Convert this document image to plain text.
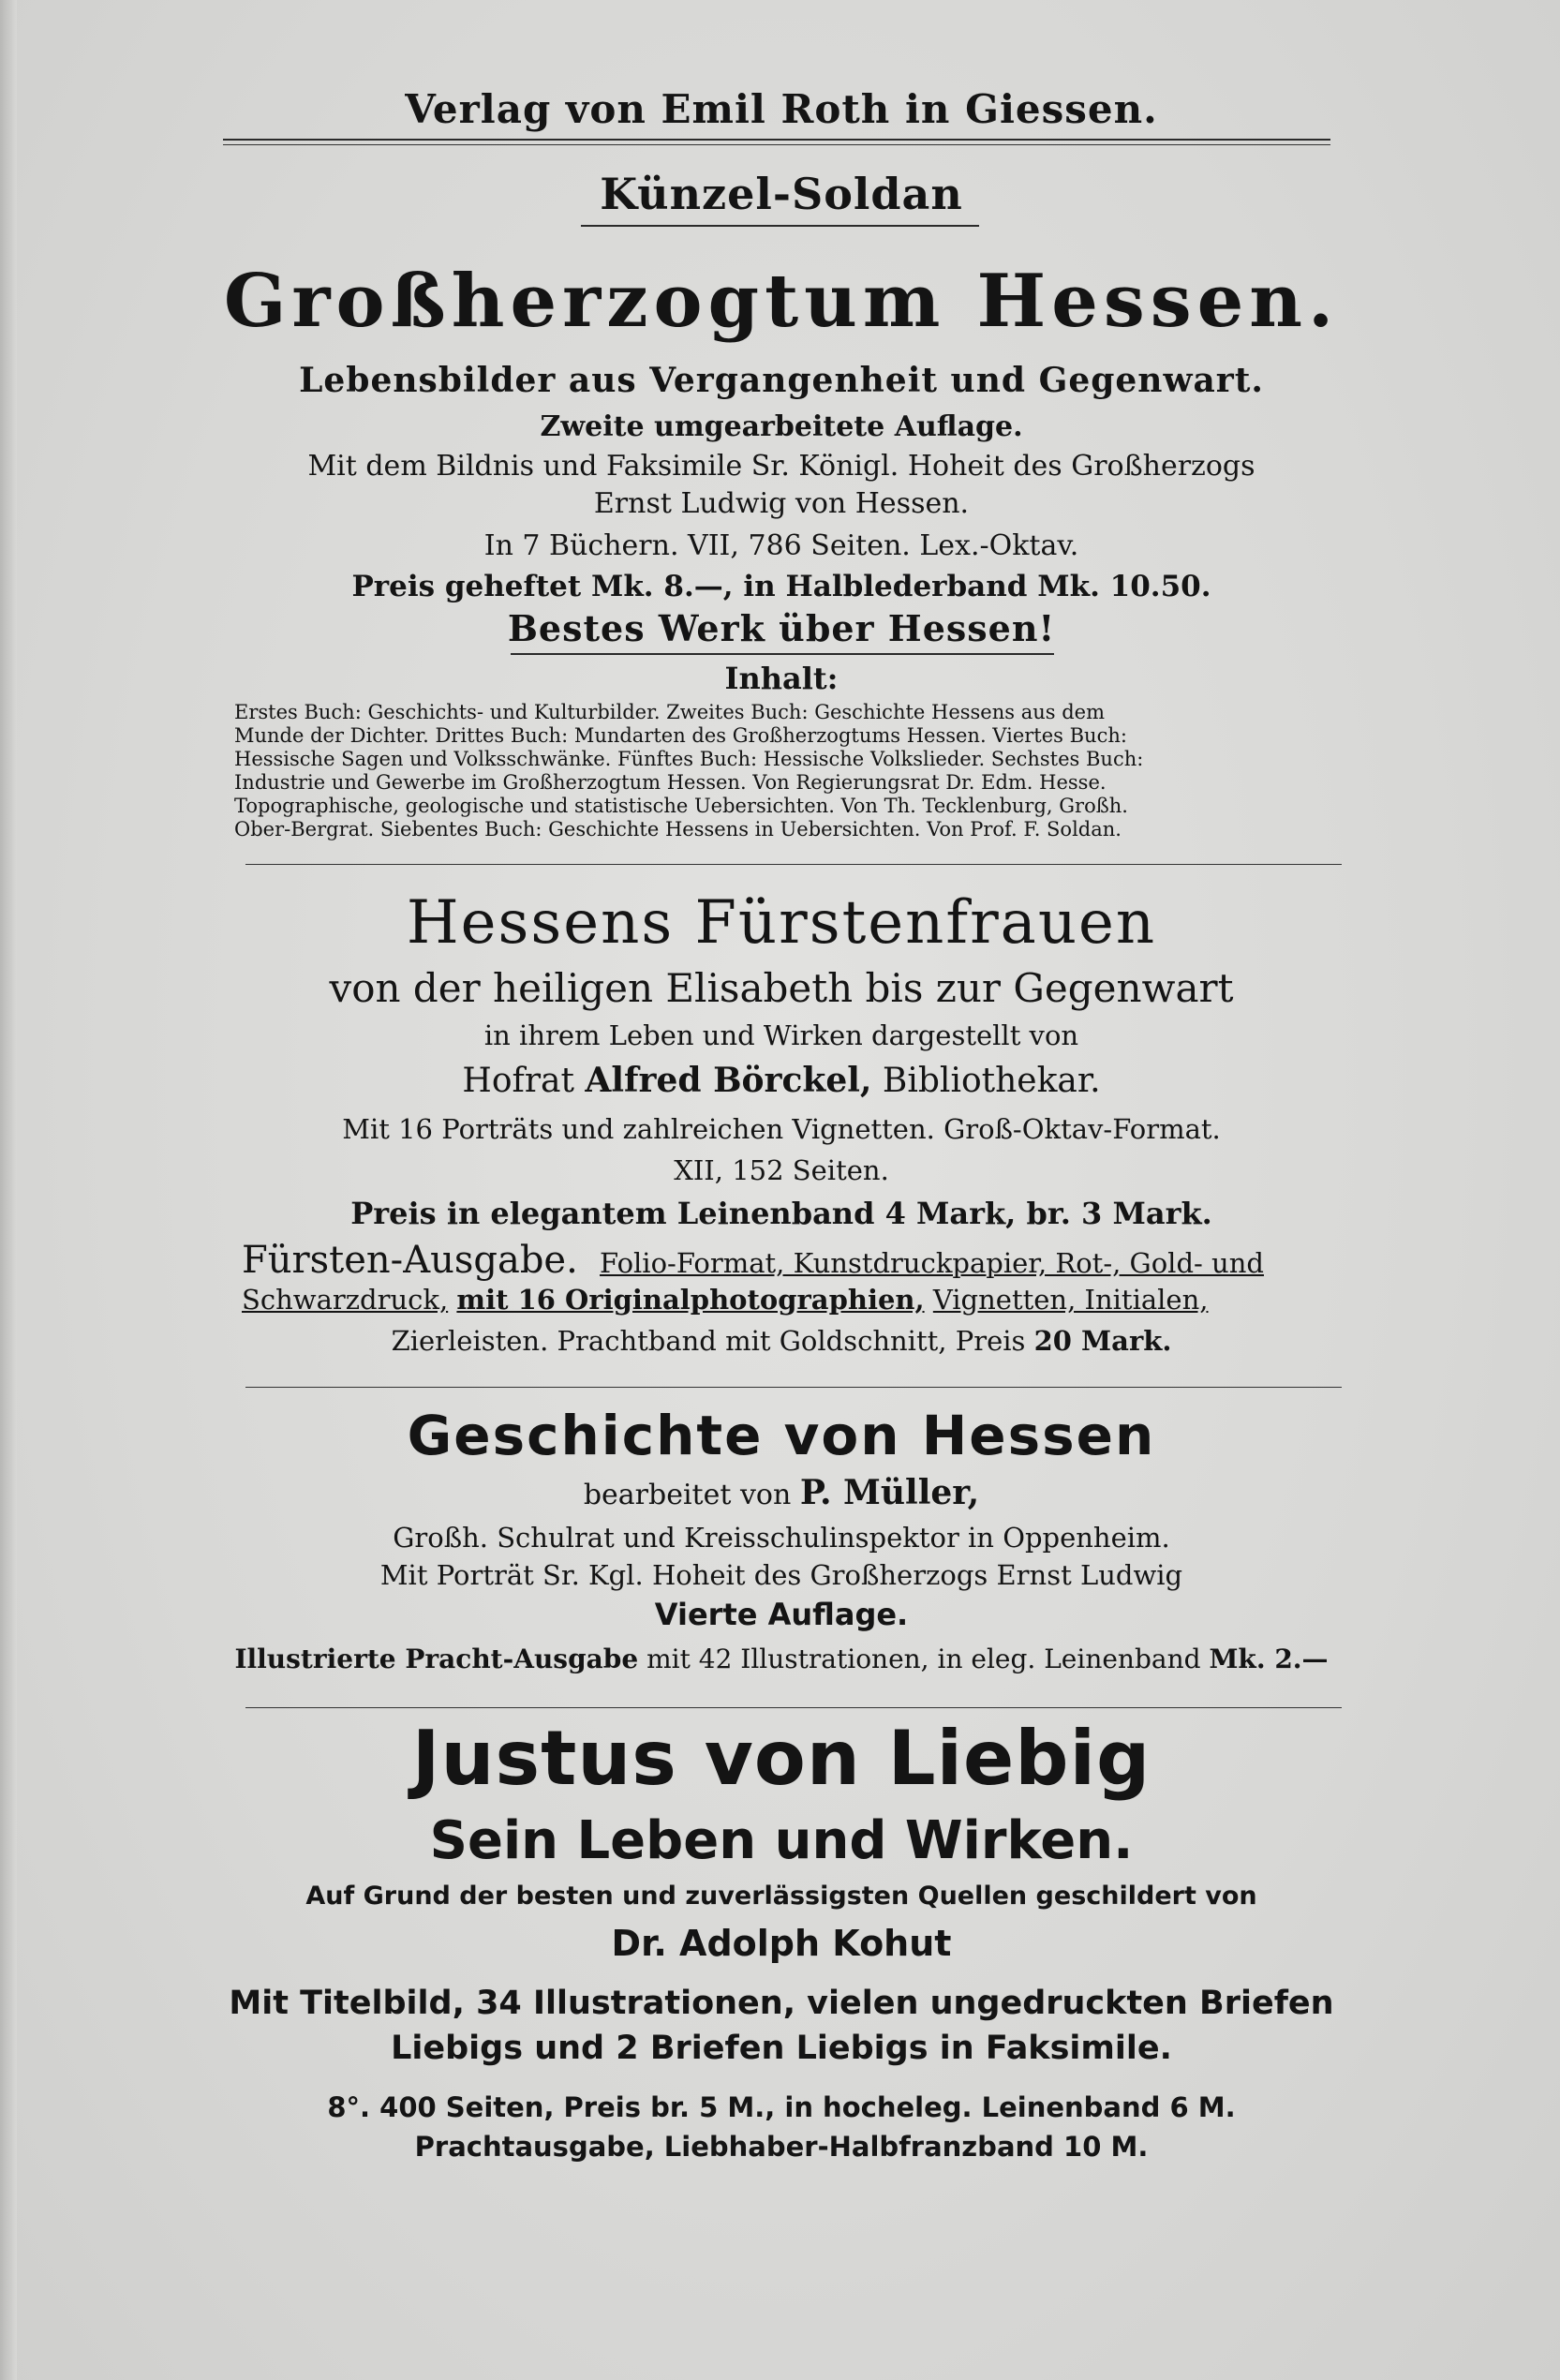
Verlag von Emil Roth in Giessen.
Künzel-Soldan
Großherzogtum Hessen.
Lebensbilder aus Vergangenheit und Gegenwart.
Zweite umgearbeitete Auflage.
Mit dem Bildnis und Faksimile Sr. Königl. Hoheit des Großherzogs
Ernst Ludwig von Hessen.
In 7 Büchern. VII, 786 Seiten. Lex.-Oktav.
Preis geheftet Mk. 8.—, in Halblederband Mk. 10.50.
Bestes Werk über Hessen!
Inhalt:
Erstes Buch: Geschichts- und Kulturbilder. Zweites Buch: Geschichte Hessens aus dem
Munde der Dichter. Drittes Buch: Mundarten des Großherzogtums Hessen. Viertes Buch:
Hessische Sagen und Volksschwänke. Fünftes Buch: Hessische Volkslieder. Sechstes Buch:
Industrie und Gewerbe im Großherzogtum Hessen. Von Regierungsrat Dr. Edm. Hesse.
Topographische, geologische und statistische Uebersichten. Von Th. Tecklenburg, Großh.
Ober-Bergrat. Siebentes Buch: Geschichte Hessens in Uebersichten. Von Prof. F. Soldan.
Hessens Fürstenfrauen
von der heiligen Elisabeth bis zur Gegenwart
in ihrem Leben und Wirken dargestellt von
Hofrat Alfred Börckel, Bibliothekar.
Mit 16 Porträts und zahlreichen Vignetten. Groß-Oktav-Format.
XII, 152 Seiten.
Preis in elegantem Leinenband 4 Mark, br. 3 Mark.
Fürsten-Ausgabe. Folio-Format, Kunstdruckpapier, Rot-, Gold- und
Schwarzdruck, mit 16 Originalphotographien, Vignetten, Initialen,
Zierleisten. Prachtband mit Goldschnitt, Preis 20 Mark.
Geschichte von Hessen
bearbeitet von P. Müller,
Großh. Schulrat und Kreisschulinspektor in Oppenheim.
Mit Porträt Sr. Kgl. Hoheit des Großherzogs Ernst Ludwig
Vierte Auflage.
Illustrierte Pracht-Ausgabe mit 42 Illustrationen, in eleg. Leinenband Mk. 2.—
Justus von Liebig
Sein Leben und Wirken.
Auf Grund der besten und zuverlässigsten Quellen geschildert von
Dr. Adolph Kohut
Mit Titelbild, 34 Illustrationen, vielen ungedruckten Briefen
Liebigs und 2 Briefen Liebigs in Faksimile.
8°. 400 Seiten, Preis br. 5 M., in hocheleg. Leinenband 6 M.
Prachtausgabe, Liebhaber-Halbfranzband 10 M.
